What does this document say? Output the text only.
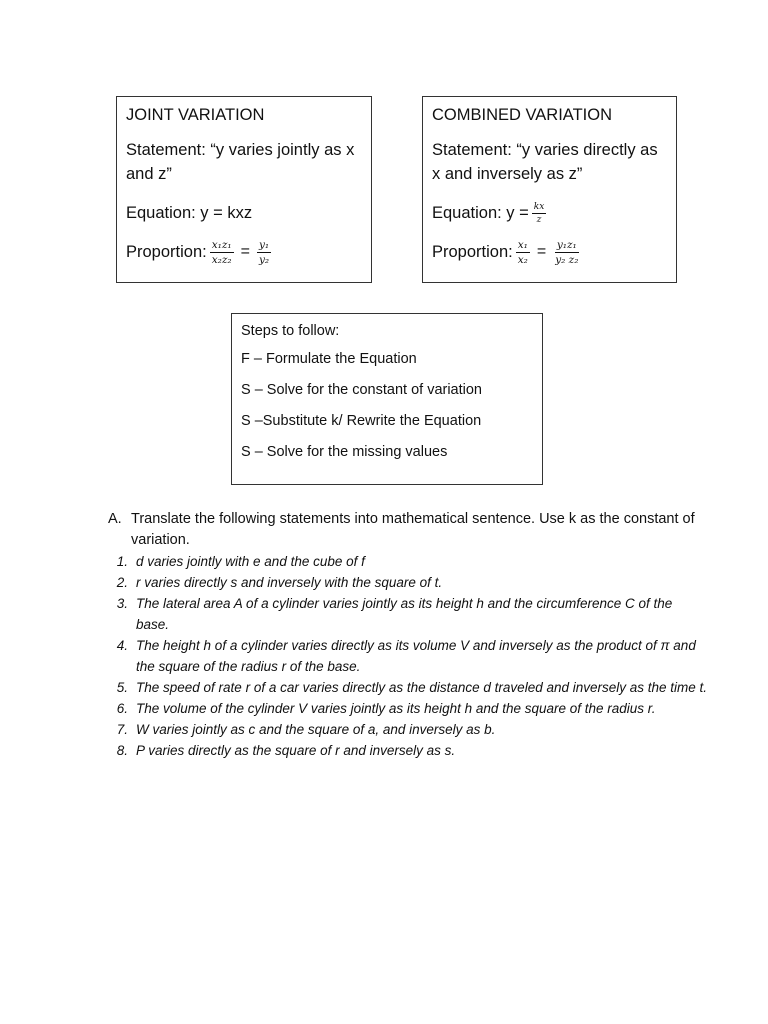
JOINT VARIATION
Statement: “y varies jointly as x and z”
Equation: y = kxz
Proportion: $\frac{\text{x₁z₁}}{\text{x₂z₂}} = \frac{\text{y₁}}{\text{y₂}}$
COMBINED VARIATION
Statement: “y varies directly as x and inversely as z”
Equation: $y = \frac{kx}{z}$
Proportion: $\frac{\text{x₁}}{\text{x₂}} = \frac{\text{y₁z₁}}{\text{y₂ z₂}}$
Steps to follow:
F – Formulate the Equation
S – Solve for the constant of variation
S –Substitute k/ Rewrite the Equation
S – Solve for the missing values
A. Translate the following statements into mathematical sentence. Use k as the constant of variation.
1. d varies jointly with e and the cube of f
2. r varies directly s and inversely with the square of t.
3. The lateral area A of a cylinder varies jointly as its height h and the circumference C of the base.
4. The height h of a cylinder varies directly as its volume V and inversely as the product of π and the square of the radius r of the base.
5. The speed of rate r of a car varies directly as the distance d traveled and inversely as the time t.
6. The volume of the cylinder V varies jointly as its height h and the square of the radius r.
7. W varies jointly as c and the square of a, and inversely as b.
8. P varies directly as the square of r and inversely as s.
